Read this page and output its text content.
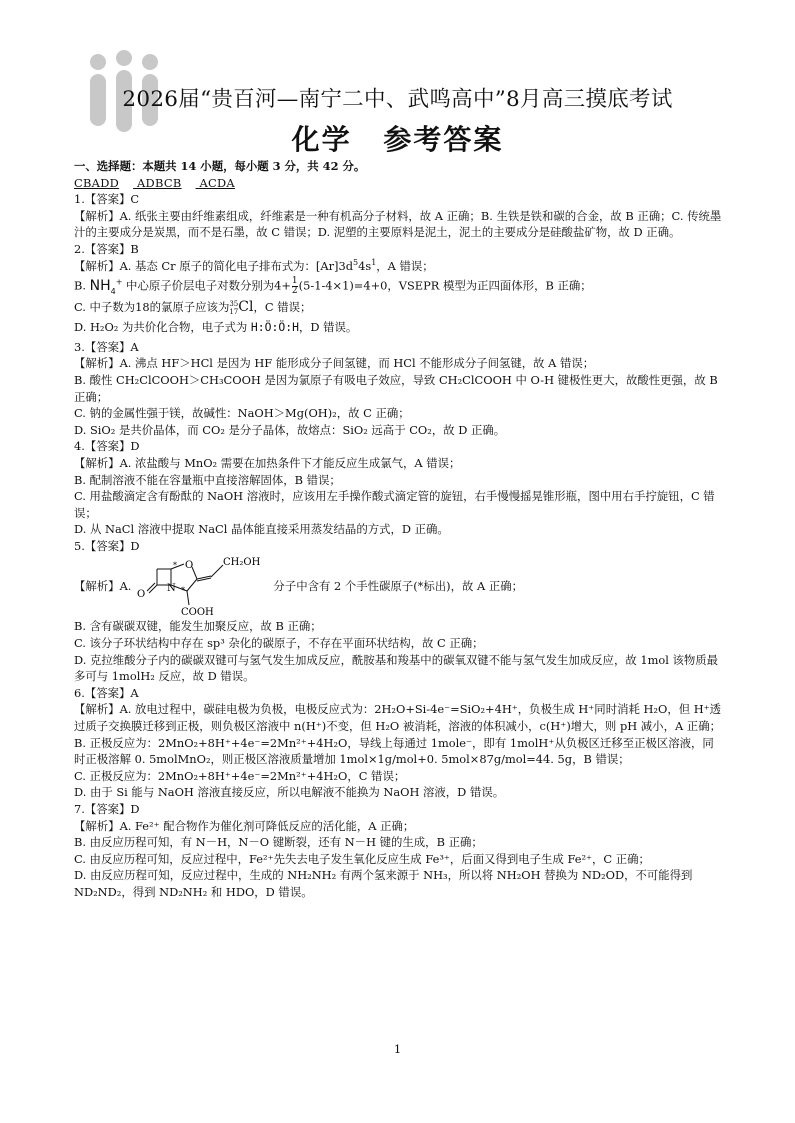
2026届“贵百河—南宁二中、武鸣高中”8月高三摸底考试
化学 参考答案

一、选择题：本题共 14 小题，每小题 3 分，共 42 分。

CBADD ADBCB ACDA

1.【答案】C

【解析】A. 纸张主要由纤维素组成，纤维素是一种有机高分子材料，故 A 正确；B. 生铁是铁和碳的合金，故 B 正确；C. 传统墨汁的主要成分是炭黑，而不是石墨，故 C 错误；D. 泥塑的主要原料是泥土，泥土的主要成分是硅酸盐矿物，故 D 正确。

2.【答案】B

【解析】A. 基态 Cr 原子的简化电子排布式为：$[Ar]3d^54s^1$，A 错误；

B. $NH_4^+$ 中心原子价层电子对数分别为$4+ \frac{1}{2} (5-1-4\times 1)=4+0$，VSEPR 模型为正四面体形，B 正确；

C. 中子数为18的氯原子应该为35
17Cl，C 错误；

D. H₂O₂ 为共价化合物，电子式为 H:Ö:Ö:H，D 错误。

3.【答案】A

【解析】A. 沸点 HF＞HCl 是因为 HF 能形成分子间氢键，而 HCl 不能形成分子间氢键，故 A 错误；

B. 酸性 CH₂ClCOOH＞CH₃COOH 是因为氯原子有吸电子效应，导致 CH₂ClCOOH 中 O-H 键极性更大，故酸性更强，故 B 正确；

C. 钠的金属性强于镁，故碱性：NaOH＞Mg(OH)₂，故 C 正确；

D. SiO₂ 是共价晶体，而 CO₂ 是分子晶体，故熔点：SiO₂ 远高于 CO₂，故 D 正确。

4.【答案】D

【解析】A. 浓盐酸与 MnO₂ 需要在加热条件下才能反应生成氯气，A 错误；

B. 配制溶液不能在容量瓶中直接溶解固体，B 错误；

C. 用盐酸滴定含有酚酞的 NaOH 溶液时，应该用左手操作酸式滴定管的旋钮，右手慢慢摇晃锥形瓶，图中用右手拧旋钮，C 错误；

D. 从 NaCl 溶液中提取 NaCl 晶体能直接采用蒸发结晶的方式，D 正确。

5.【答案】D

【解析】A.
O
O
N
CH₂OH
COOH
*
*	分子中含有 2 个手性碳原子(*标出)，故 A 正确；

B. 含有碳碳双键，能发生加聚反应，故 B 正确；

C. 该分子环状结构中存在 sp³ 杂化的碳原子，不存在平面环状结构，故 C 正确；

D. 克拉维酸分子内的碳碳双键可与氢气发生加成反应，酰胺基和羧基中的碳氧双键不能与氢气发生加成反应，故 1mol 该物质最多可与 1molH₂ 反应，故 D 错误。

6.【答案】A

【解析】A. 放电过程中，碳硅电极为负极，电极反应式为：2H₂O+Si-4e⁻=SiO₂+4H⁺，负极生成 H⁺同时消耗 H₂O，但 H⁺透过质子交换膜迁移到正极，则负极区溶液中 n(H⁺)不变，但 H₂O 被消耗，溶液的体积减小，c(H⁺)增大，则 pH 减小，A 正确；

B. 正极反应为：2MnO₂+8H⁺+4e⁻=2Mn²⁺+4H₂O，导线上每通过 1mole⁻，即有 1molH⁺从负极区迁移至正极区溶液，同时正极溶解 0. 5molMnO₂，则正极区溶液质量增加 1mol×1g/mol+0. 5mol×87g/mol=44. 5g，B 错误；

C. 正极反应为：2MnO₂+8H⁺+4e⁻=2Mn²⁺+4H₂O，C 错误；

D. 由于 Si 能与 NaOH 溶液直接反应，所以电解液不能换为 NaOH 溶液，D 错误。

7.【答案】D

【解析】A. Fe²⁺ 配合物作为催化剂可降低反应的活化能，A 正确；

B. 由反应历程可知，有 N－H，N－O 键断裂，还有 N－H 键的生成，B 正确；

C. 由反应历程可知，反应过程中，Fe²⁺先失去电子发生氧化反应生成 Fe³⁺，后面又得到电子生成 Fe²⁺，C 正确；

D. 由反应历程可知，反应过程中，生成的 NH₂NH₂ 有两个氢来源于 NH₃，所以将 NH₂OH 替换为 ND₂OD，不可能得到 ND₂ND₂，得到 ND₂NH₂ 和 HDO，D 错误。

1
